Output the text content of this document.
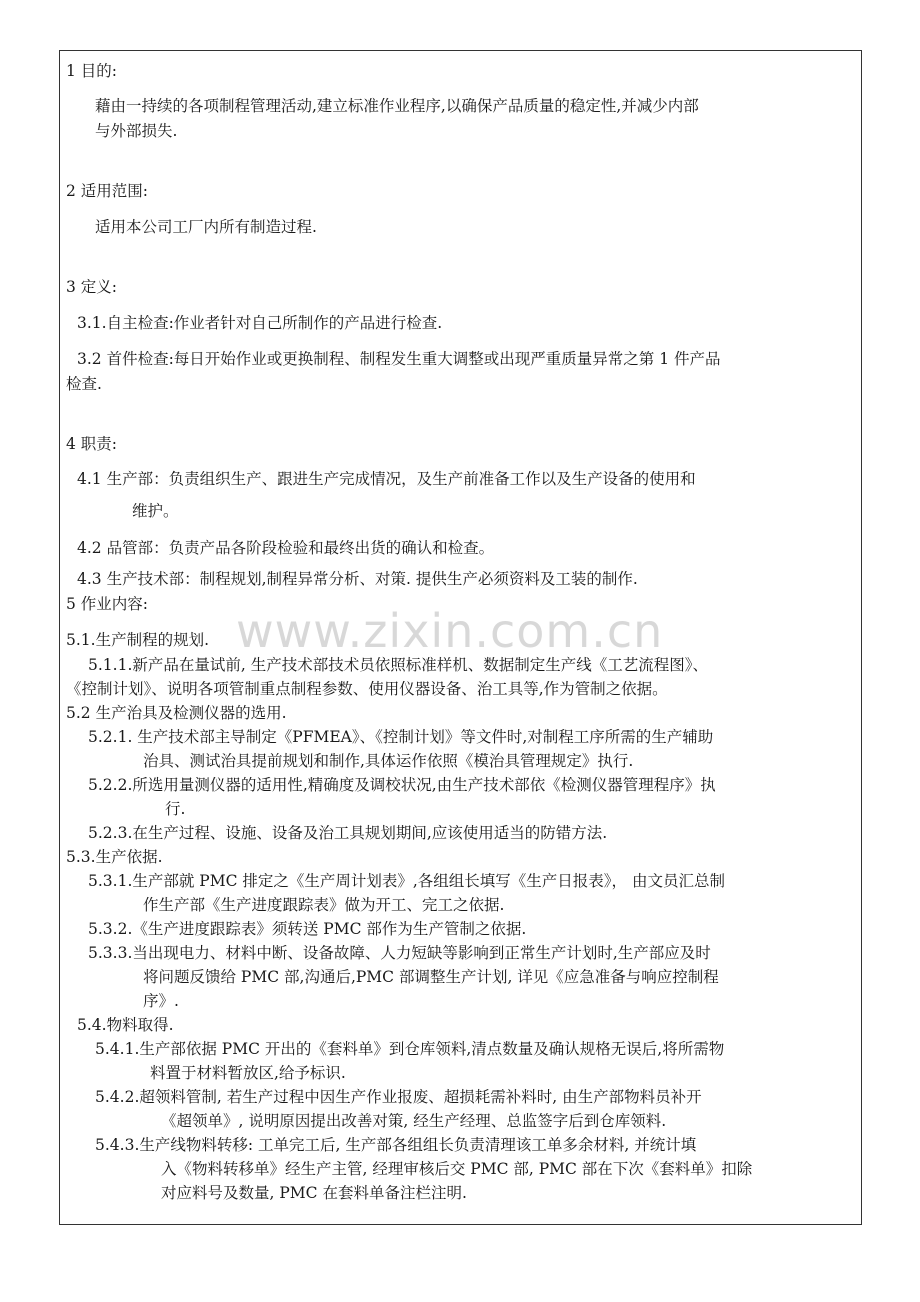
www.zixin.com.cn

1 目的:

藉由一持续的各项制程管理活动,建立标准作业程序,以确保产品质量的稳定性,并减少内部

与外部损失.

2 适用范围:

适用本公司工厂内所有制造过程.

3 定义:

3.1.自主检查:作业者针对自己所制作的产品进行检查.

3.2 首件检查:每日开始作业或更换制程、制程发生重大调整或出现严重质量异常之第 1 件产品

检查.

4 职责:

4.1 生产部：负责组织生产、跟进生产完成情况，及生产前准备工作以及生产设备的使用和

维护。

4.2 品管部：负责产品各阶段检验和最终出货的确认和检查。

4.3 生产技术部：制程规划,制程异常分析、对策. 提供生产必须资料及工装的制作.

5 作业内容:

5.1.生产制程的规划.

5.1.1.新产品在量试前, 生产技术部技术员依照标准样机、数据制定生产线《工艺流程图》、

《控制计划》、说明各项管制重点制程参数、使用仪器设备、治工具等,作为管制之依据。

5.2 生产治具及检测仪器的选用.

5.2.1. 生产技术部主导制定《PFMEA》、《控制计划》等文件时,对制程工序所需的生产辅助

治具、测试治具提前规划和制作,具体运作依照《模治具管理规定》执行.

5.2.2.所选用量测仪器的适用性,精确度及调校状况,由生产技术部依《检测仪器管理程序》执

行.

5.2.3.在生产过程、设施、设备及治工具规划期间,应该使用适当的防错方法.

5.3.生产依据.

5.3.1.生产部就 PMC 排定之《生产周计划表》,各组组长填写《生产日报表》， 由文员汇总制

作生产部《生产进度跟踪表》做为开工、完工之依据.

5.3.2.《生产进度跟踪表》须转送 PMC 部作为生产管制之依据.

5.3.3.当出现电力、材料中断、设备故障、人力短缺等影响到正常生产计划时,生产部应及时

将问题反馈给 PMC 部,沟通后,PMC 部调整生产计划, 详见《应急准备与响应控制程

序》.

5.4.物料取得.

5.4.1.生产部依据 PMC 开出的《套料单》到仓库领料,清点数量及确认规格无误后,将所需物

料置于材料暂放区,给予标识.

5.4.2.超领料管制, 若生产过程中因生产作业报废、超损耗需补料时, 由生产部物料员补开

《超领单》, 说明原因提出改善对策, 经生产经理、总监签字后到仓库领料.

5.4.3.生产线物料转移: 工单完工后, 生产部各组组长负责清理该工单多余材料, 并统计填

入《物料转移单》经生产主管, 经理审核后交 PMC 部, PMC 部在下次《套料单》扣除

对应料号及数量, PMC 在套料单备注栏注明.
